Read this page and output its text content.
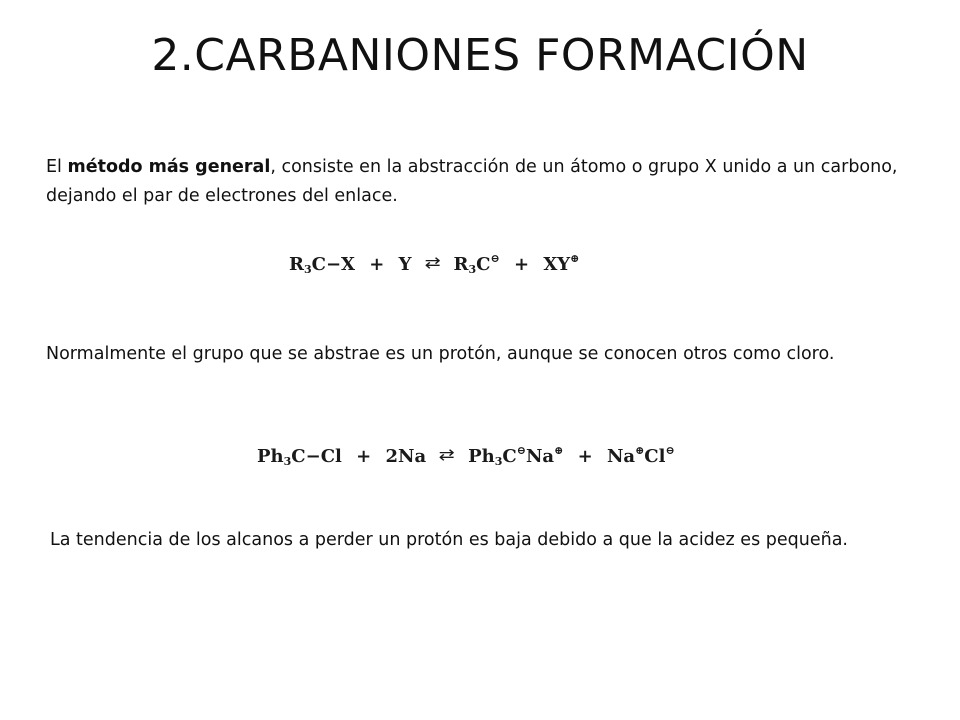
2.CARBANIONES FORMACIÓN

El método más general, consiste en la abstracción de un átomo o grupo X unido a un carbono, dejando el par de electrones del enlace.

$R_3C-X + Y$ ⇄ $R_3C^⊖ + XY^\oplus$

Normalmente el grupo que se abstrae es un protón, aunque se conocen otros como cloro.

$Ph_3C-Cl + 2Na$ ⇄ $Ph_3C^⊖Na^\oplus + Na^\oplus Cl^⊖$

La tendencia de los alcanos a perder un protón es baja debido a que la acidez es pequeña.
